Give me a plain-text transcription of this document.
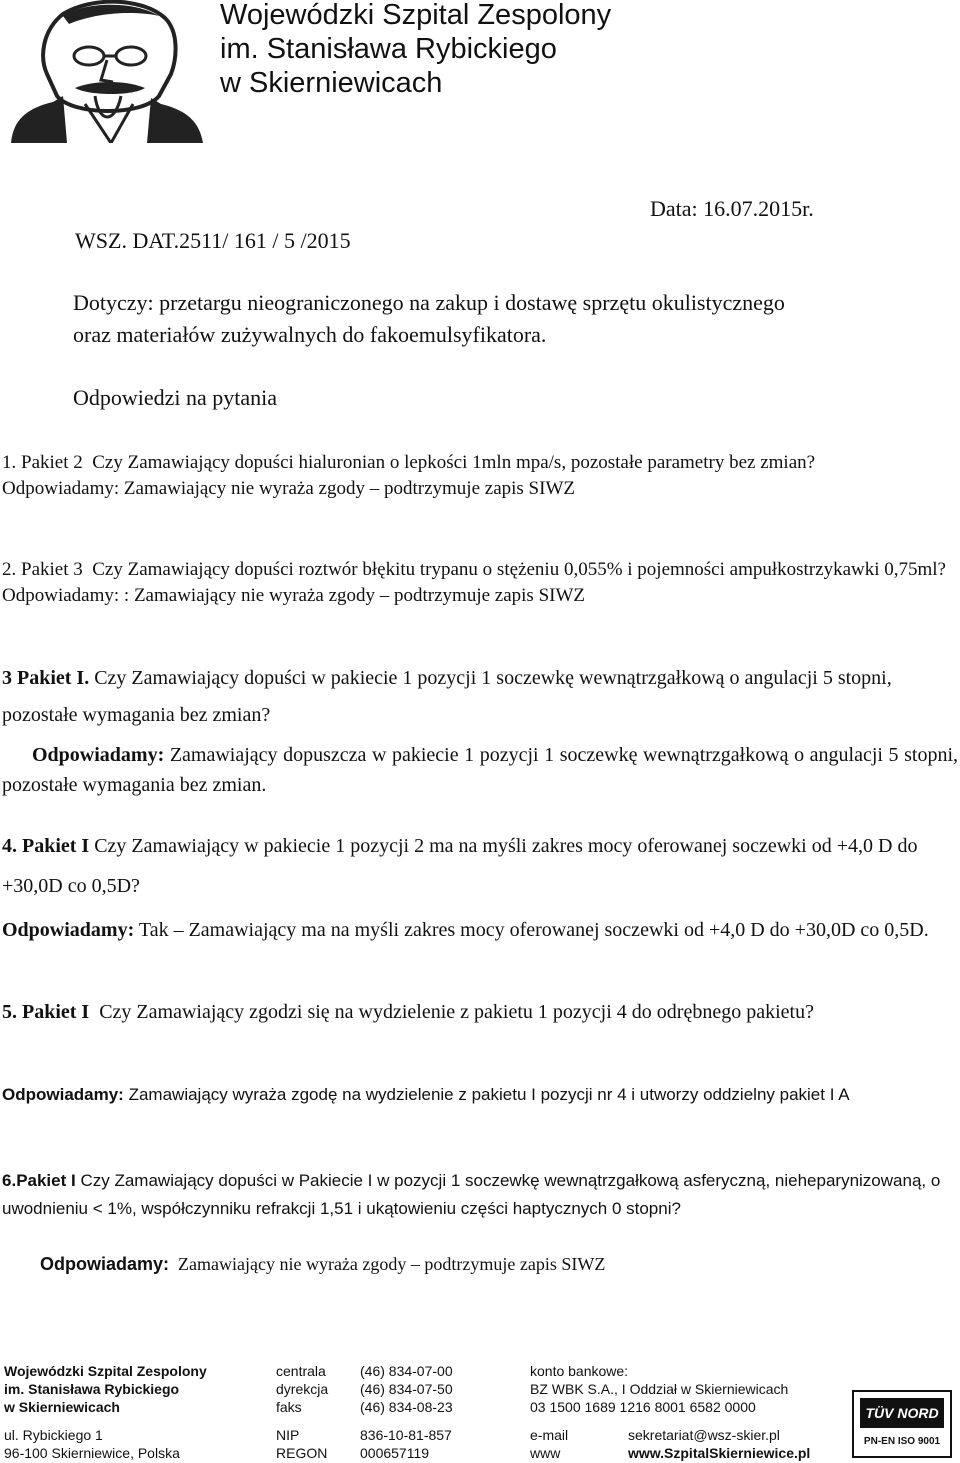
Wojewódzki Szpital Zespolony
im. Stanisława Rybickiego
w Skierniewicach
WSZ. DAT.2511/ 161 / 5 /2015
Data: 16.07.2015r.
Dotyczy: przetargu nieograniczonego na zakup i dostawę sprzętu okulistycznego
oraz materiałów zużywalnych do fakoemulsyfikatora.
Odpowiedzi na pytania

1. Pakiet 2 Czy Zamawiający dopuści hialuronian o lepkości 1mln mpa/s, pozostałe parametry bez zmian?

Odpowiadamy: Zamawiający nie wyraża zgody – podtrzymuje zapis SIWZ

2. Pakiet 3 Czy Zamawiający dopuści roztwór błękitu trypanu o stężeniu 0,055% i pojemności ampułkostrzykawki 0,75ml?

Odpowiadamy: : Zamawiający nie wyraża zgody – podtrzymuje zapis SIWZ

3 Pakiet I. Czy Zamawiający dopuści w pakiecie 1 pozycji 1 soczewkę wewnątrzgałkową o angulacji 5 stopni, pozostałe wymagania bez zmian?

Odpowiadamy: Zamawiający dopuszcza w pakiecie 1 pozycji 1 soczewkę wewnątrzgałkową o angulacji 5 stopni, pozostałe wymagania bez zmian.

4. Pakiet I Czy Zamawiający w pakiecie 1 pozycji 2 ma na myśli zakres mocy oferowanej soczewki od +4,0 D do +30,0D co 0,5D?

Odpowiadamy: Tak – Zamawiający ma na myśli zakres mocy oferowanej soczewki od +4,0 D do +30,0D co 0,5D.

5. Pakiet I Czy Zamawiający zgodzi się na wydzielenie z pakietu 1 pozycji 4 do odrębnego pakietu?

Odpowiadamy: Zamawiający wyraża zgodę na wydzielenie z pakietu I pozycji nr 4 i utworzy oddzielny pakiet I A

6.Pakiet I Czy Zamawiający dopuści w Pakiecie I w pozycji 1 soczewkę wewnątrzgałkową asferyczną, nieheparynizowaną, o uwodnieniu < 1%, współczynniku refrakcji 1,51 i ukątowieniu części haptycznych 0 stopni?

Odpowiadamy: Zamawiający nie wyraża zgody – podtrzymuje zapis SIWZ
Wojewódzki Szpital Zespolony
im. Stanisława Rybickiego
w Skierniewicach
ul. Rybickiego 1
96-100 Skierniewice, Polska
centrala
dyrekcja
faks
NIP
REGON
(46) 834-07-00
(46) 834-07-50
(46) 834-08-23
836-10-81-857
000657119
konto bankowe:
BZ WBK S.A., I Oddział w Skierniewicach
03 1500 1689 1216 8001 6582 0000
e-mail
www
sekretariat@wsz-skier.pl
www.SzpitalSkierniewice.pl
TÜV NORD
PN-EN ISO 9001
